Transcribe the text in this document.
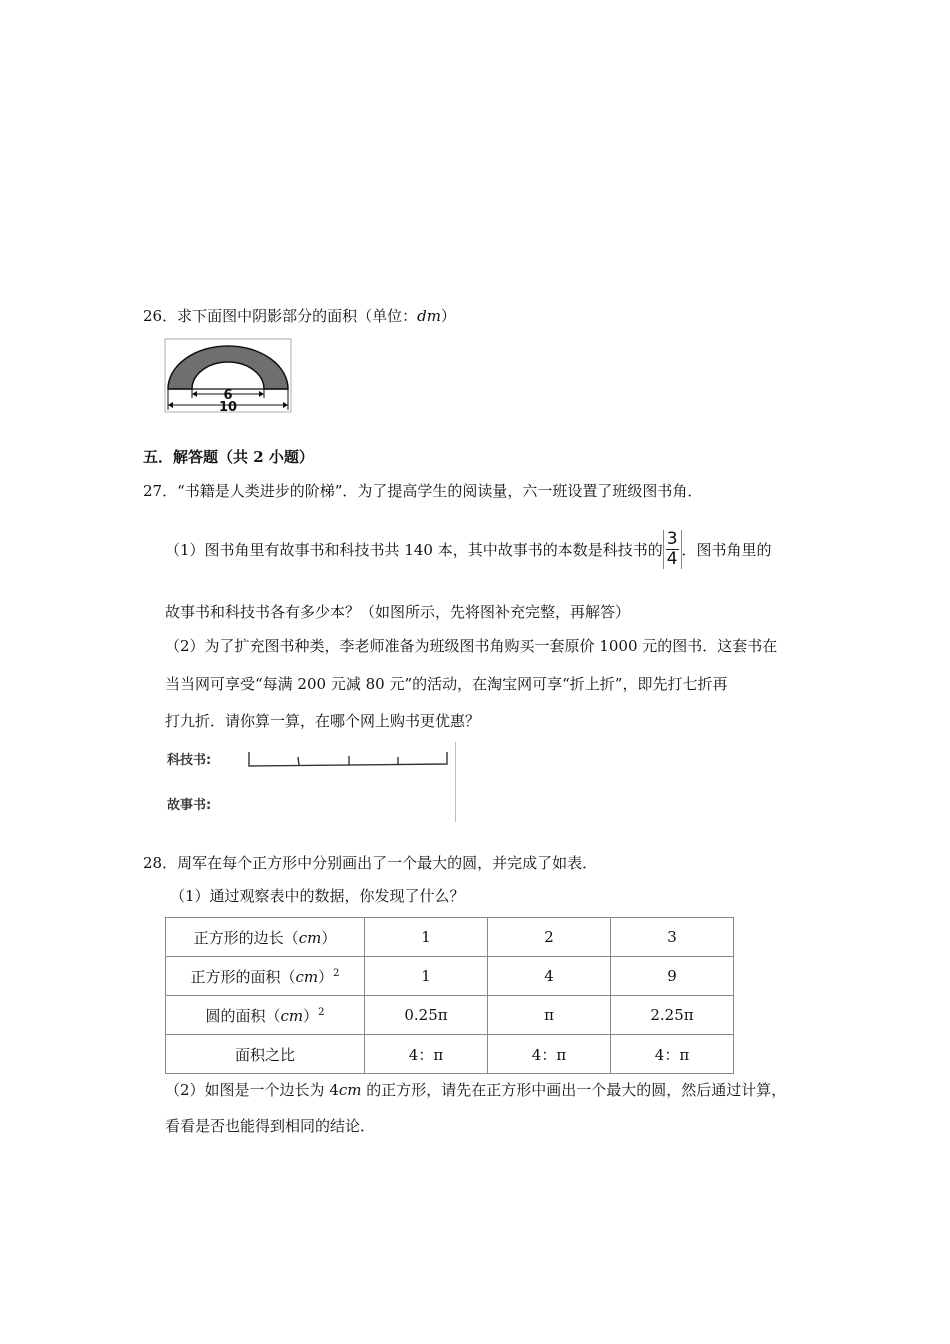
26．求下面图中阴影部分的面积（单位：dm）
6
10
五．解答题（共 2 小题）
27．“书籍是人类进步的阶梯”．为了提高学生的阅读量，六一班设置了班级图书角．
（1）图书角里有故事书和科技书共 140 本，其中故事书的本数是科技书的 $\frac{3}{4}$ ．图书角里的
故事书和科技书各有多少本？（如图所示，先将图补充完整，再解答）
（2）为了扩充图书种类，李老师准备为班级图书角购买一套原价 1000 元的图书．这套书在
当当网可享受“每满 200 元减 80 元”的活动，在淘宝网可享“折上折”，即先打七折再
打九折．请你算一算，在哪个网上购书更优惠？
科技书:
故事书:
28．周军在每个正方形中分别画出了一个最大的圆，并完成了如表．
（1）通过观察表中的数据，你发现了什么？
正方形的边长（cm）	1	2	3
正方形的面积（cm）$^2$	1	4	9
圆的面积（cm）$^2$	0.25π	π	2.25π
面积之比	4：π	4：π	4：π
（2）如图是一个边长为 4cm 的正方形，请先在正方形中画出一个最大的圆，然后通过计算，
看看是否也能得到相同的结论．
